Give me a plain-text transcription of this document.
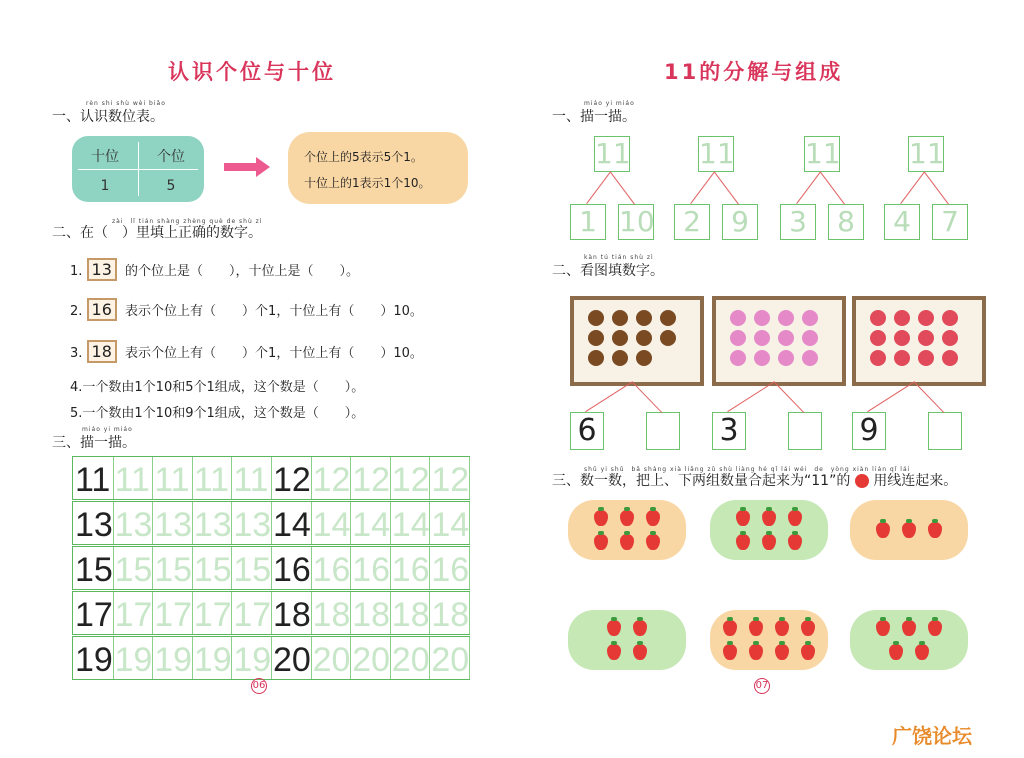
认识个位与十位
rèn shi shù wèi biǎo
一、认识数位表。
十位	个位
1	5
个位上的5表示5个1。
十位上的1表示1个10。
zài　lǐ tián shàng zhèng què de shù zì
二、在（　）里填上正确的数字。
1. 13 的个位上是（　　），十位上是（　　）。
2. 16 表示个位上有（　　）个1，十位上有（　　）10。
3. 18 表示个位上有（　　）个1，十位上有（　　）10。
4.一个数由1个10和5个1组成，这个数是（　　）。
5.一个数由1个10和9个1组成，这个数是（　　）。
miáo yi miáo
三、描一描。
11 11 11 11 11 12 12 12 12 12
13 13 13 13 13 14 14 14 14 14
15 15 15 15 15 16 16 16 16 16
17 17 17 17 17 18 18 18 18 18
19 19 19 19 19 20 20 20 20 20
06
11的分解与组成
miáo yi miáo
一、描一描。
11
1 10
11
2	9
11
3	8
11
4	7
kàn tú tián shù zì
二、看图填数字。
6	3	9
shǔ yi shǔ　bǎ shàng xià liǎng zǔ shù liàng hé qǐ lái wéi　de　yòng xiàn lián qǐ lái
三、数一数，把上、下两组数量合起来为“11”的 用线连起来。
07
广饶论坛
